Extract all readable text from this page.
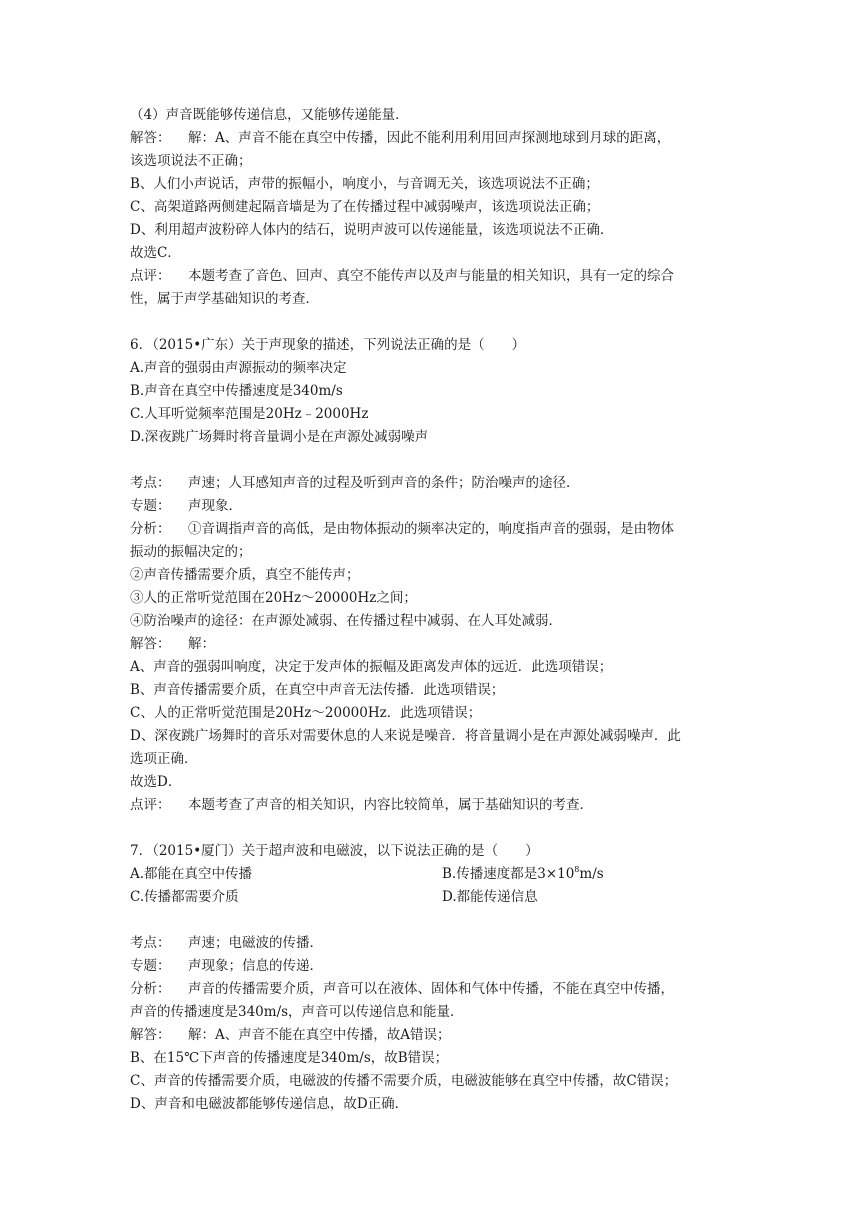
（4）声音既能够传递信息，又能够传递能量．
解答： 解：A、声音不能在真空中传播，因此不能利用利用回声探测地球到月球的距离，
该选项说法不正确；
B、人们小声说话，声带的振幅小，响度小，与音调无关，该选项说法不正确；
C、高架道路两侧建起隔音墙是为了在传播过程中减弱噪声，该选项说法正确；
D、利用超声波粉碎人体内的结石，说明声波可以传递能量，该选项说法不正确．
故选C．
点评： 本题考查了音色、回声、真空不能传声以及声与能量的相关知识，具有一定的综合
性，属于声学基础知识的考查．
6．（2015•广东）关于声现象的描述，下列说法正确的是（　　）
A.声音的强弱由声源振动的频率决定
B.声音在真空中传播速度是340m/s
C.人耳听觉频率范围是20Hz﹣2000Hz
D.深夜跳广场舞时将音量调小是在声源处减弱噪声
考点： 声速；人耳感知声音的过程及听到声音的条件；防治噪声的途径．
专题： 声现象．
分析： ①音调指声音的高低，是由物体振动的频率决定的，响度指声音的强弱，是由物体
振动的振幅决定的；
②声音传播需要介质，真空不能传声；
③人的正常听觉范围在20Hz～20000Hz之间；
④防治噪声的途径：在声源处减弱、在传播过程中减弱、在人耳处减弱．
解答： 解：
A、声音的强弱叫响度，决定于发声体的振幅及距离发声体的远近．此选项错误；
B、声音传播需要介质，在真空中声音无法传播．此选项错误；
C、人的正常听觉范围是20Hz～20000Hz．此选项错误；
D、深夜跳广场舞时的音乐对需要休息的人来说是噪音．将音量调小是在声源处减弱噪声．此
选项正确．
故选D．
点评： 本题考查了声音的相关知识，内容比较简单，属于基础知识的考查．
7．（2015•厦门）关于超声波和电磁波，以下说法正确的是（　　）
A.都能在真空中传播	B.传播速度都是$3\times 10^8m/s$
C.传播都需要介质	D.都能传递信息
考点： 声速；电磁波的传播．
专题： 声现象；信息的传递．
分析： 声音的传播需要介质，声音可以在液体、固体和气体中传播，不能在真空中传播，
声音的传播速度是340m/s，声音可以传递信息和能量．
解答： 解：A、声音不能在真空中传播，故A错误；
B、在15℃下声音的传播速度是340m/s，故B错误；
C、声音的传播需要介质，电磁波的传播不需要介质，电磁波能够在真空中传播，故C错误；
D、声音和电磁波都能够传递信息，故D正确．
